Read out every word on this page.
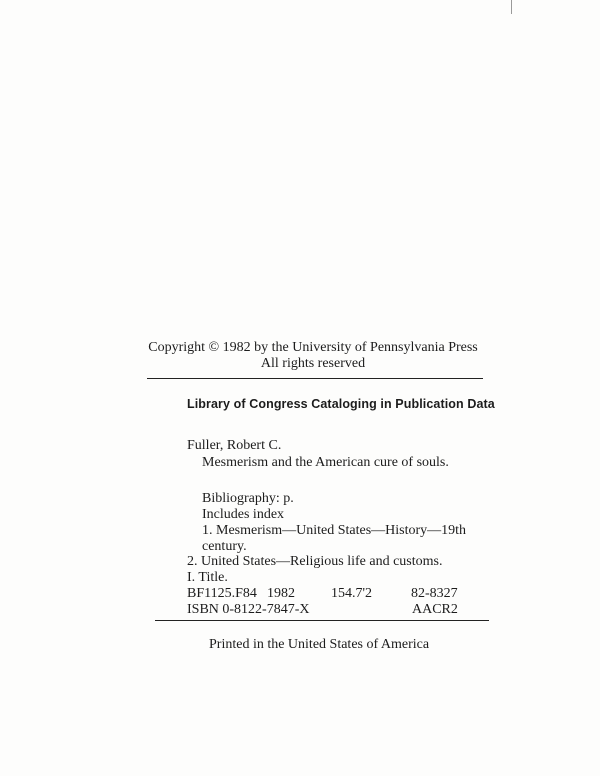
Copyright © 1982 by the University of Pennsylvania Press
All rights reserved
Library of Congress Cataloging in Publication Data
Fuller, Robert C.
Mesmerism and the American cure of souls.
Bibliography: p.
Includes index
1. Mesmerism—United States—History—19th
century.
2. United States—Religious life and customs.
I. Title.
BF1125.F84 1982	154.7'2	82-8327
ISBN 0-8122-7847-X	AACR2
Printed in the United States of America
